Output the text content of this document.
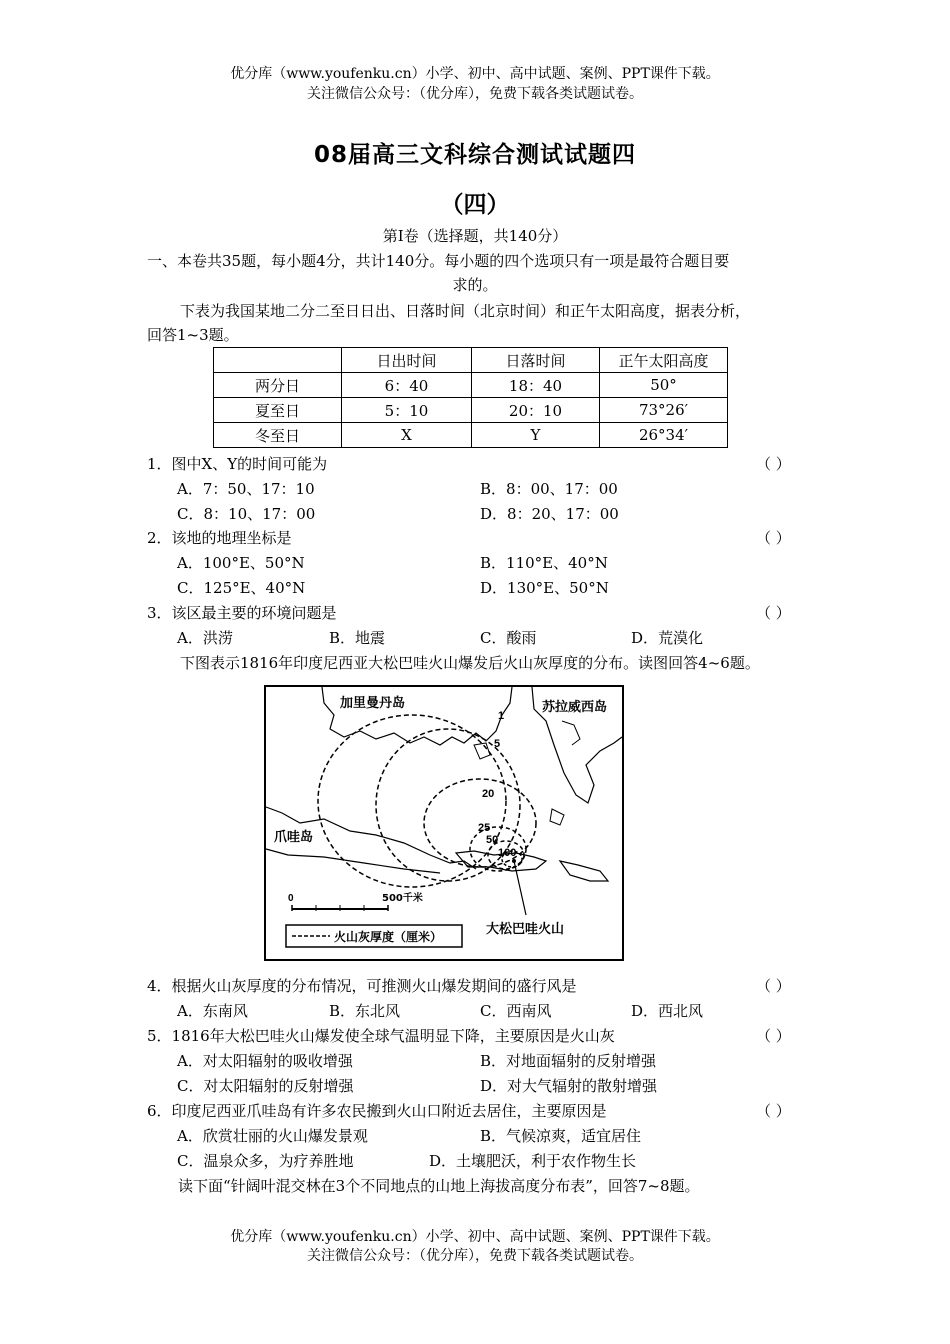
优分库（www.youfenku.cn）小学、初中、高中试题、案例、PPT课件下载。
关注微信公众号：（优分库），免费下载各类试题试卷。
08届高三文科综合测试试题四
（四）
第Ⅰ卷（选择题，共140分）
一、本卷共35题，每小题4分，共计140分。每小题的四个选项只有一项是最符合题目要
求的。
下表为我国某地二分二至日日出、日落时间（北京时间）和正午太阳高度，据表分析，
回答1~3题。
	日出时间	日落时间	正午太阳高度
两分日	6：40	18：40	50°
夏至日	5：10	20：10	73°26′
冬至日	X	Y	26°34′
1．图中X、Y的时间可能为	（ ）
A．7：50、17：10	B．8：00、17：00
C．8：10、17：00	D．8：20、17：00
2．该地的地理坐标是	（ ）
A．100°E、50°N	B．110°E、40°N
C．125°E、40°N	D．130°E、50°N
3．该区最主要的环境问题是	（ ）
A．洪涝	B．地震	C．酸雨	D．荒漠化
下图表示1816年印度尼西亚大松巴哇火山爆发后火山灰厚度的分布。读图回答4~6题。
1
5
20
25
50
100
加里曼丹岛	苏拉威西岛
爪哇岛
大松巴哇火山
0	500千米
火山灰厚度（厘米）
4．根据火山灰厚度的分布情况，可推测火山爆发期间的盛行风是	（ ）
A．东南风	B．东北风	C．西南风	D．西北风
5．1816年大松巴哇火山爆发使全球气温明显下降，主要原因是火山灰	（ ）
A．对太阳辐射的吸收增强	B．对地面辐射的反射增强
C．对太阳辐射的反射增强	D．对大气辐射的散射增强
6．印度尼西亚爪哇岛有许多农民搬到火山口附近去居住，主要原因是	（ ）
A．欣赏壮丽的火山爆发景观	B．气候凉爽，适宜居住
C．温泉众多，为疗养胜地	D．土壤肥沃，利于农作物生长
读下面“针阔叶混交林在3个不同地点的山地上海拔高度分布表”，回答7~8题。
优分库（www.youfenku.cn）小学、初中、高中试题、案例、PPT课件下载。
关注微信公众号：（优分库），免费下载各类试题试卷。
